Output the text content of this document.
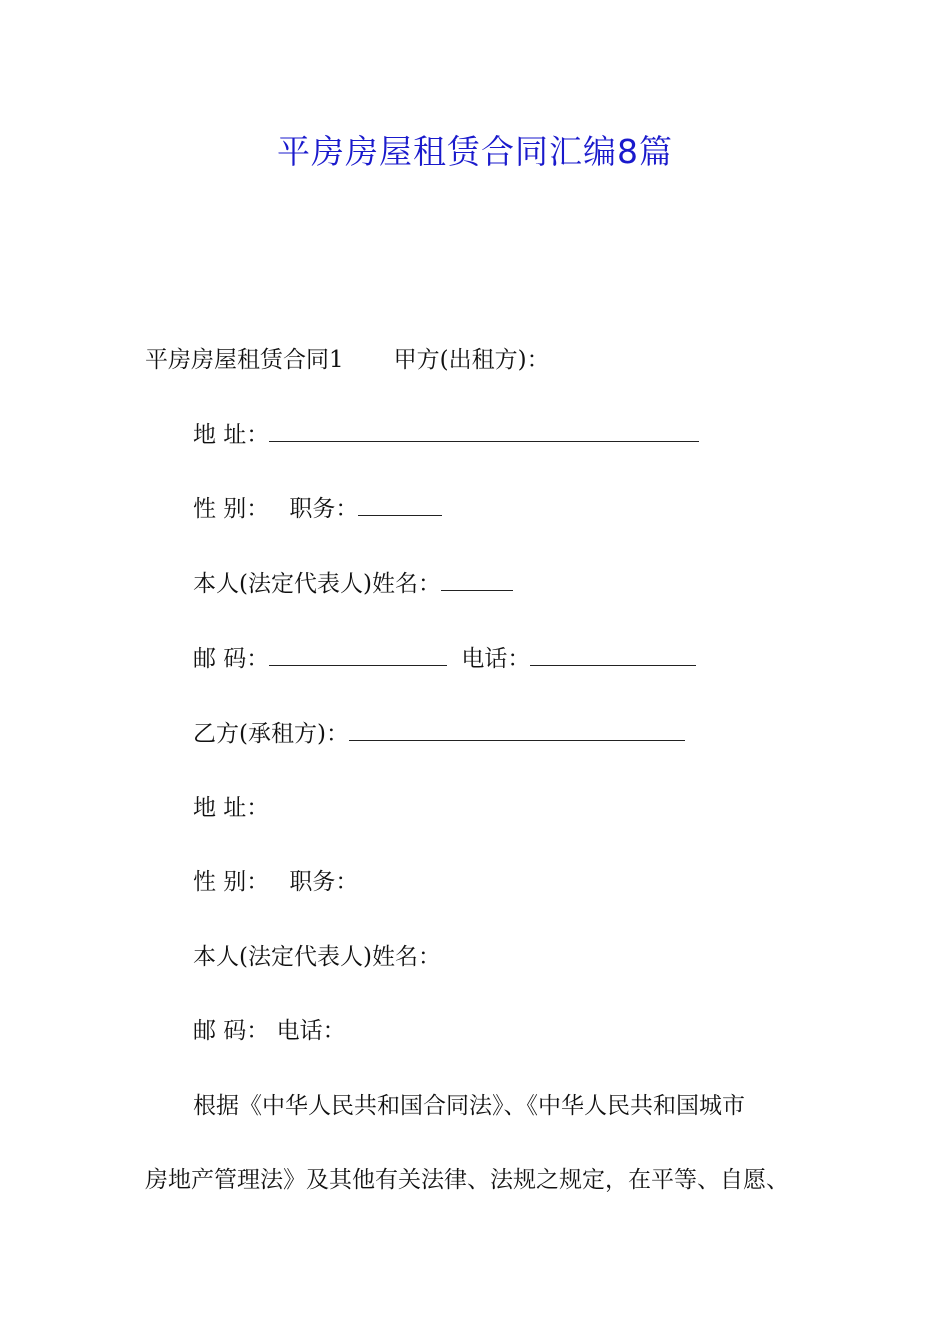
平房房屋租赁合同汇编8篇
平房房屋租赁合同1 甲方(出租方)：
地 址：
性 别： 职务：
本人(法定代表人)姓名：
邮 码：	电话：
乙方(承租方)：
地 址：
性 别： 职务：
本人(法定代表人)姓名：
邮 码： 电话：
根据《中华人民共和国合同法》、《中华人民共和国城市
房地产管理法》及其他有关法律、法规之规定，在平等、自愿、
